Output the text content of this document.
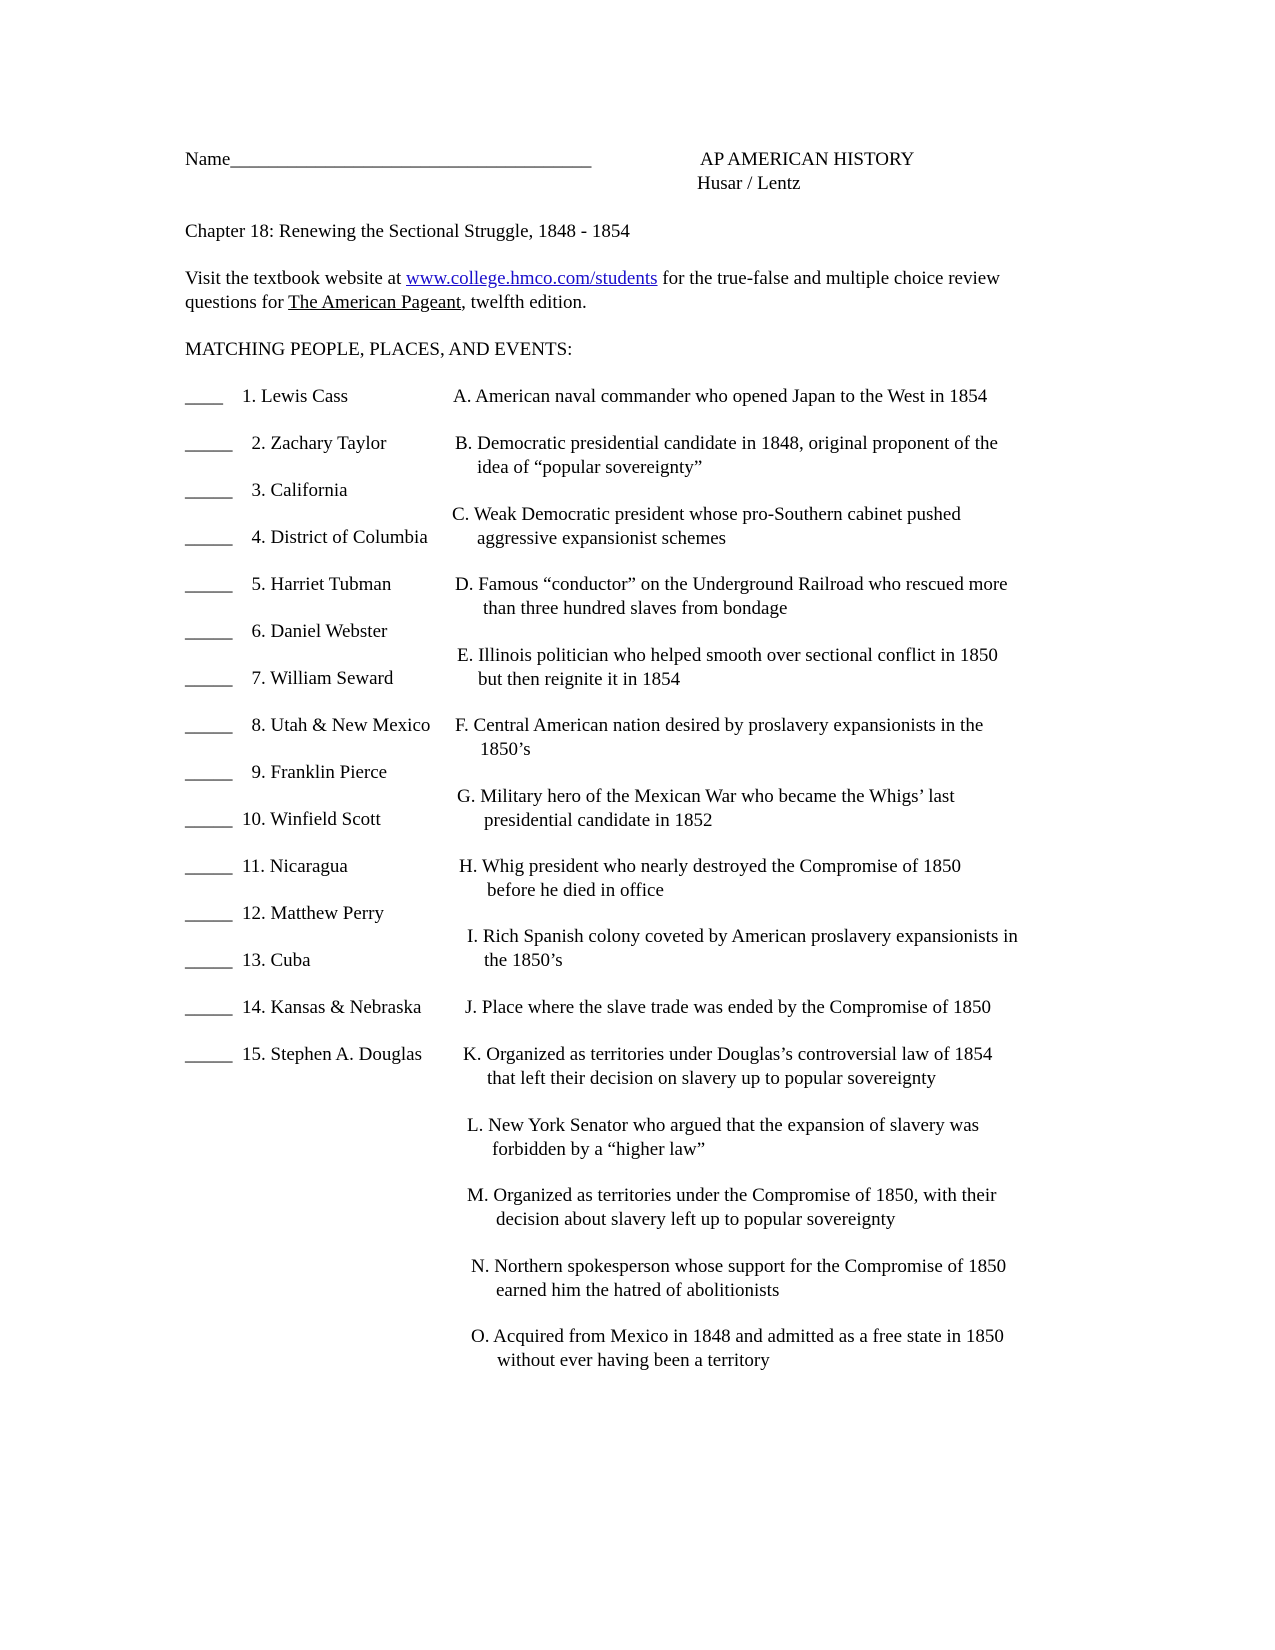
Name______________________________________	AP AMERICAN HISTORY
Husar / Lentz
Chapter 18: Renewing the Sectional Struggle, 1848 - 1854
Visit the textbook website at www.college.hmco.com/students for the true-false and multiple choice review
questions for The American Pageant, twelfth edition.
MATCHING PEOPLE, PLACES, AND EVENTS:
____ 1. Lewis Cass
_____ 2. Zachary Taylor
_____ 3. California
_____ 4. District of Columbia
_____ 5. Harriet Tubman
_____ 6. Daniel Webster
_____ 7. William Seward
_____ 8. Utah & New Mexico
_____ 9. Franklin Pierce
_____ 10. Winfield Scott
_____ 11. Nicaragua
_____ 12. Matthew Perry
_____ 13. Cuba
_____ 14. Kansas & Nebraska
_____ 15. Stephen A. Douglas
A. American naval commander who opened Japan to the West in 1854
B. Democratic presidential candidate in 1848, original proponent of the
idea of “popular sovereignty”
C. Weak Democratic president whose pro-Southern cabinet pushed
aggressive expansionist schemes
D. Famous “conductor” on the Underground Railroad who rescued more
than three hundred slaves from bondage
E. Illinois politician who helped smooth over sectional conflict in 1850
but then reignite it in 1854
F. Central American nation desired by proslavery expansionists in the
1850’s
G. Military hero of the Mexican War who became the Whigs’ last
presidential candidate in 1852
H. Whig president who nearly destroyed the Compromise of 1850
before he died in office
I. Rich Spanish colony coveted by American proslavery expansionists in
the 1850’s
J. Place where the slave trade was ended by the Compromise of 1850
K. Organized as territories under Douglas’s controversial law of 1854
that left their decision on slavery up to popular sovereignty
L. New York Senator who argued that the expansion of slavery was
forbidden by a “higher law”
M. Organized as territories under the Compromise of 1850, with their
decision about slavery left up to popular sovereignty
N. Northern spokesperson whose support for the Compromise of 1850
earned him the hatred of abolitionists
O. Acquired from Mexico in 1848 and admitted as a free state in 1850
without ever having been a territory
